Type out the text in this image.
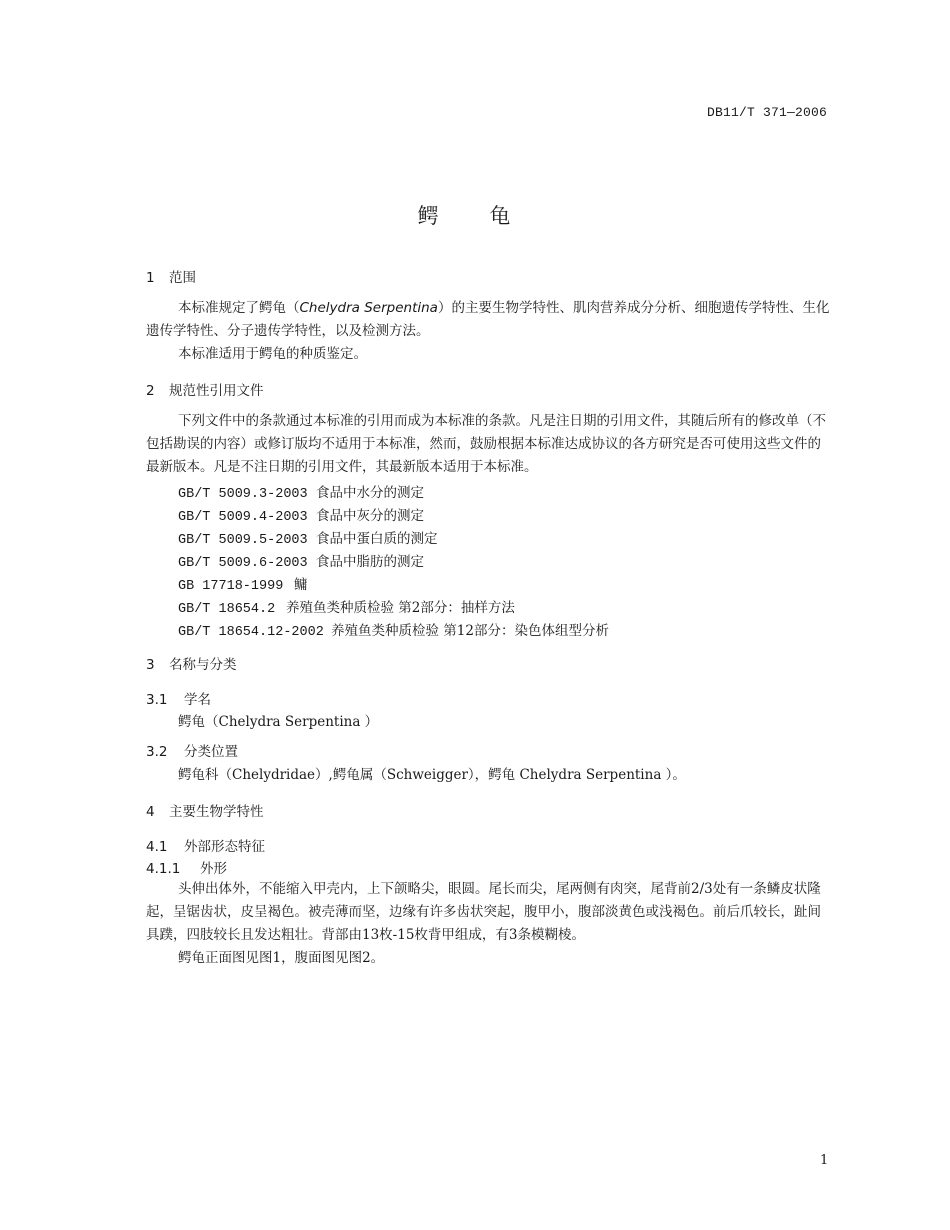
DB11/T 371—2006
鳄 龟
1 范围
本标准规定了鳄龟（Chelydra Serpentina）的主要生物学特性、肌肉营养成分分析、细胞遗传学特性、生化遗传学特性、分子遗传学特性，以及检测方法。
本标准适用于鳄龟的种质鉴定。
2 规范性引用文件
下列文件中的条款通过本标准的引用而成为本标准的条款。凡是注日期的引用文件，其随后所有的修改单（不包括勘误的内容）或修订版均不适用于本标准，然而，鼓励根据本标准达成协议的各方研究是否可使用这些文件的最新版本。凡是不注日期的引用文件，其最新版本适用于本标准。
GB/T 5009.3-2003 食品中水分的测定
GB/T 5009.4-2003 食品中灰分的测定
GB/T 5009.5-2003 食品中蛋白质的测定
GB/T 5009.6-2003 食品中脂肪的测定
GB 17718-1999 鳙
GB/T 18654.2 养殖鱼类种质检验 第2部分：抽样方法
GB/T 18654.12-2002 养殖鱼类种质检验 第12部分：染色体组型分析
3 名称与分类
3.1 学名
鳄龟（Chelydra Serpentina ）
3.2 分类位置
鳄龟科（Chelydridae）,鳄龟属（Schweigger），鳄龟 Chelydra Serpentina ）。
4 主要生物学特性
4.1 外部形态特征
4.1.1 外形
头伸出体外，不能缩入甲壳内，上下颌略尖，眼圆。尾长而尖，尾两侧有肉突，尾背前2/3处有一条鳞皮状隆起，呈锯齿状，皮呈褐色。被壳薄而坚，边缘有许多齿状突起，腹甲小，腹部淡黄色或浅褐色。前后爪较长，趾间具蹼，四肢较长且发达粗壮。背部由13枚-15枚背甲组成，有3条模糊棱。
鳄龟正面图见图1，腹面图见图2。
1
